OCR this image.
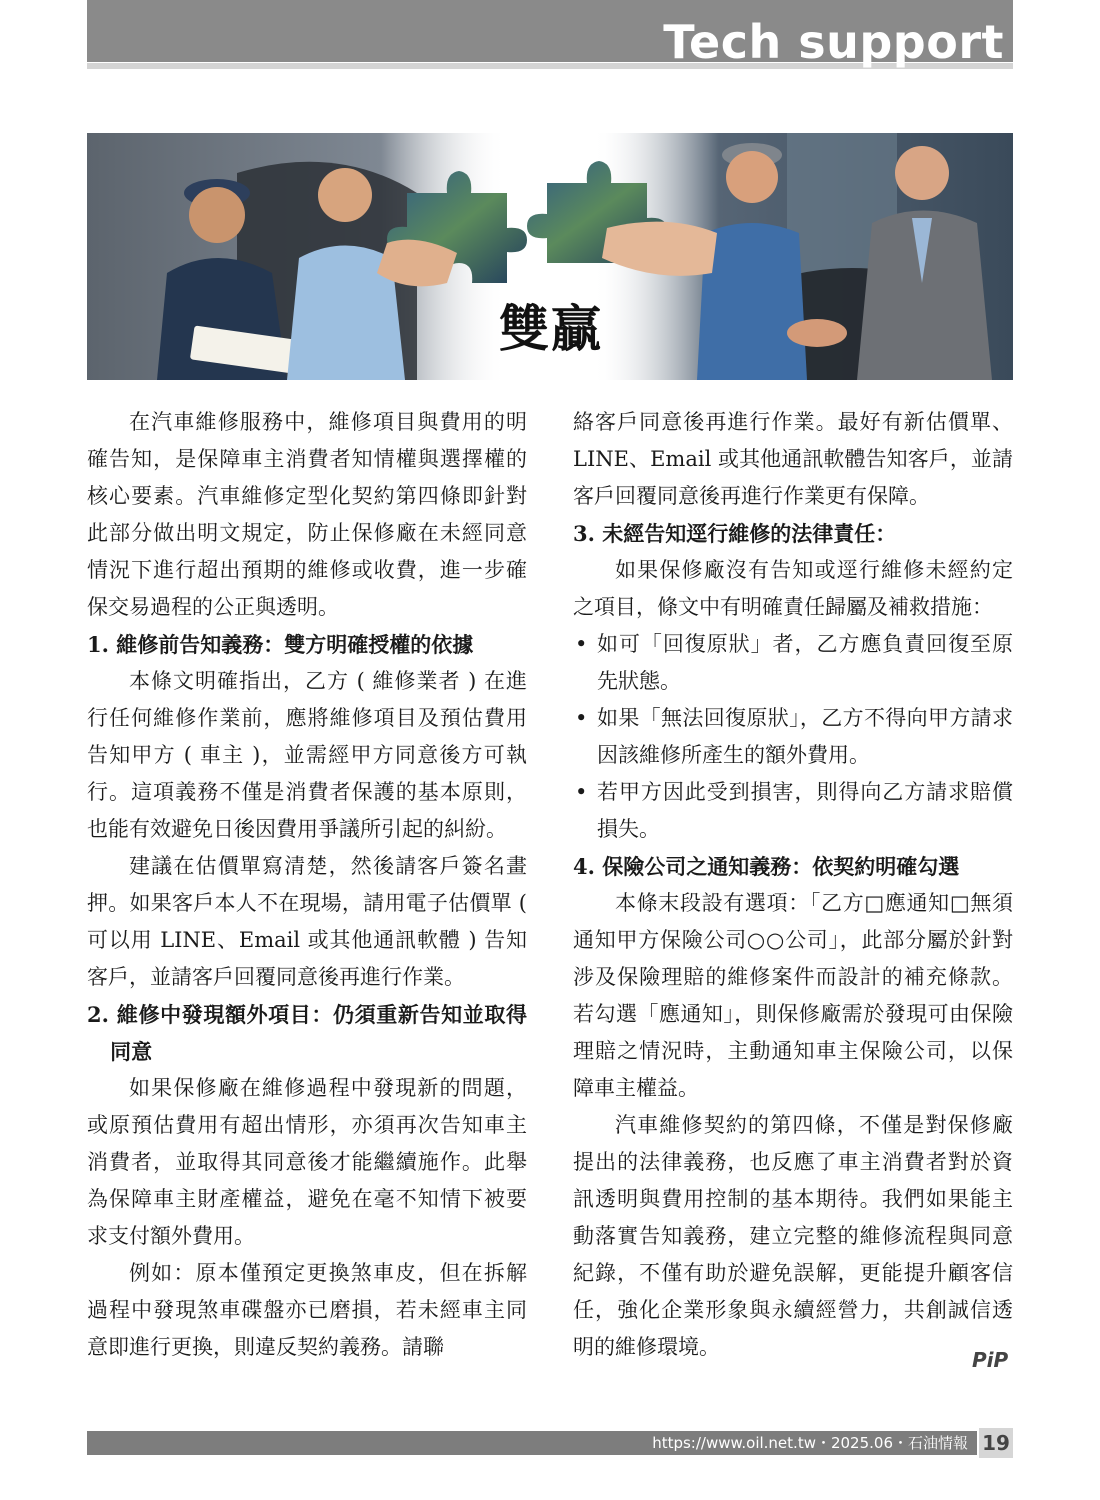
Tech support
雙贏

在汽車維修服務中，維修項目與費用的明確告知，是保障車主消費者知情權與選擇權的核心要素。汽車維修定型化契約第四條即針對此部分做出明文規定，防止保修廠在未經同意情況下進行超出預期的維修或收費，進一步確保交易過程的公正與透明。

1. 維修前告知義務：雙方明確授權的依據

本條文明確指出，乙方 ( 維修業者 ) 在進行任何維修作業前，應將維修項目及預估費用告知甲方 ( 車主 )，並需經甲方同意後方可執行。這項義務不僅是消費者保護的基本原則，也能有效避免日後因費用爭議所引起的糾紛。

建議在估價單寫清楚，然後請客戶簽名畫押。如果客戶本人不在現場，請用電子估價單 ( 可以用 LINE、Email 或其他通訊軟體 ) 告知客戶，並請客戶回覆同意後再進行作業。

2. 維修中發現額外項目：仍須重新告知並取得同意

如果保修廠在維修過程中發現新的問題，或原預估費用有超出情形，亦須再次告知車主消費者，並取得其同意後才能繼續施作。此舉為保障車主財產權益，避免在毫不知情下被要求支付額外費用。

例如：原本僅預定更換煞車皮，但在拆解過程中發現煞車碟盤亦已磨損，若未經車主同意即進行更換，則違反契約義務。請聯

絡客戶同意後再進行作業。最好有新估價單、LINE、Email 或其他通訊軟體告知客戶，並請客戶回覆同意後再進行作業更有保障。

3. 未經告知逕行維修的法律責任：

如果保修廠沒有告知或逕行維修未經約定之項目，條文中有明確責任歸屬及補救措施：

• 如可「回復原狀」者，乙方應負責回復至原先狀態。
• 如果「無法回復原狀」，乙方不得向甲方請求因該維修所產生的額外費用。
• 若甲方因此受到損害，則得向乙方請求賠償損失。

4. 保險公司之通知義務：依契約明確勾選

本條末段設有選項：「乙方□應通知□無須通知甲方保險公司○○公司」，此部分屬於針對涉及保險理賠的維修案件而設計的補充條款。若勾選「應通知」，則保修廠需於發現可由保險理賠之情況時，主動通知車主保險公司，以保障車主權益。

汽車維修契約的第四條，不僅是對保修廠提出的法律義務，也反應了車主消費者對於資訊透明與費用控制的基本期待。我們如果能主動落實告知義務，建立完整的維修流程與同意紀錄，不僅有助於避免誤解，更能提升顧客信任，強化企業形象與永續經營力，共創誠信透明的維修環境。

PiP
https://www.oil.net.tw・2025.06・石油情報 19
